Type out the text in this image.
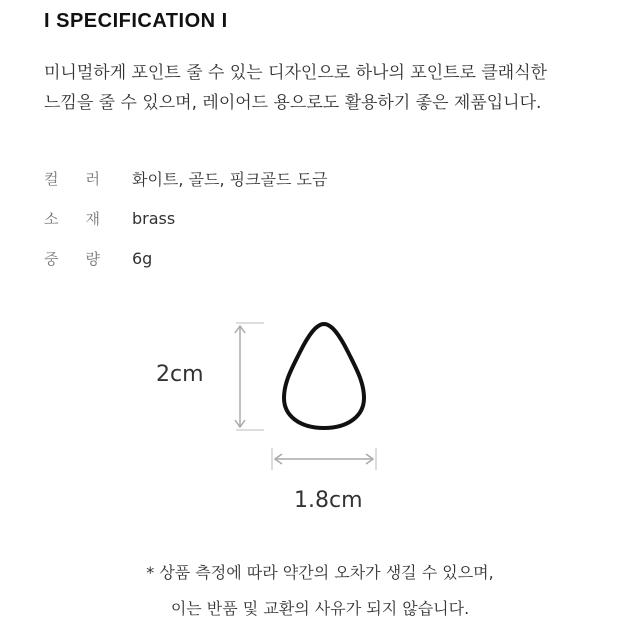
I SPECIFICATION I
미니멀하게 포인트 줄 수 있는 디자인으로 하나의 포인트로 클래식한
느낌을 줄 수 있으며, 레이어드 용으로도 활용하기 좋은 제품입니다.
컬 러 화이트, 골드, 핑크골드 도금
소 재 brass
중 량 6g
2cm
1.8cm
* 상품 측정에 따라 약간의 오차가 생길 수 있으며,
이는 반품 및 교환의 사유가 되지 않습니다.
